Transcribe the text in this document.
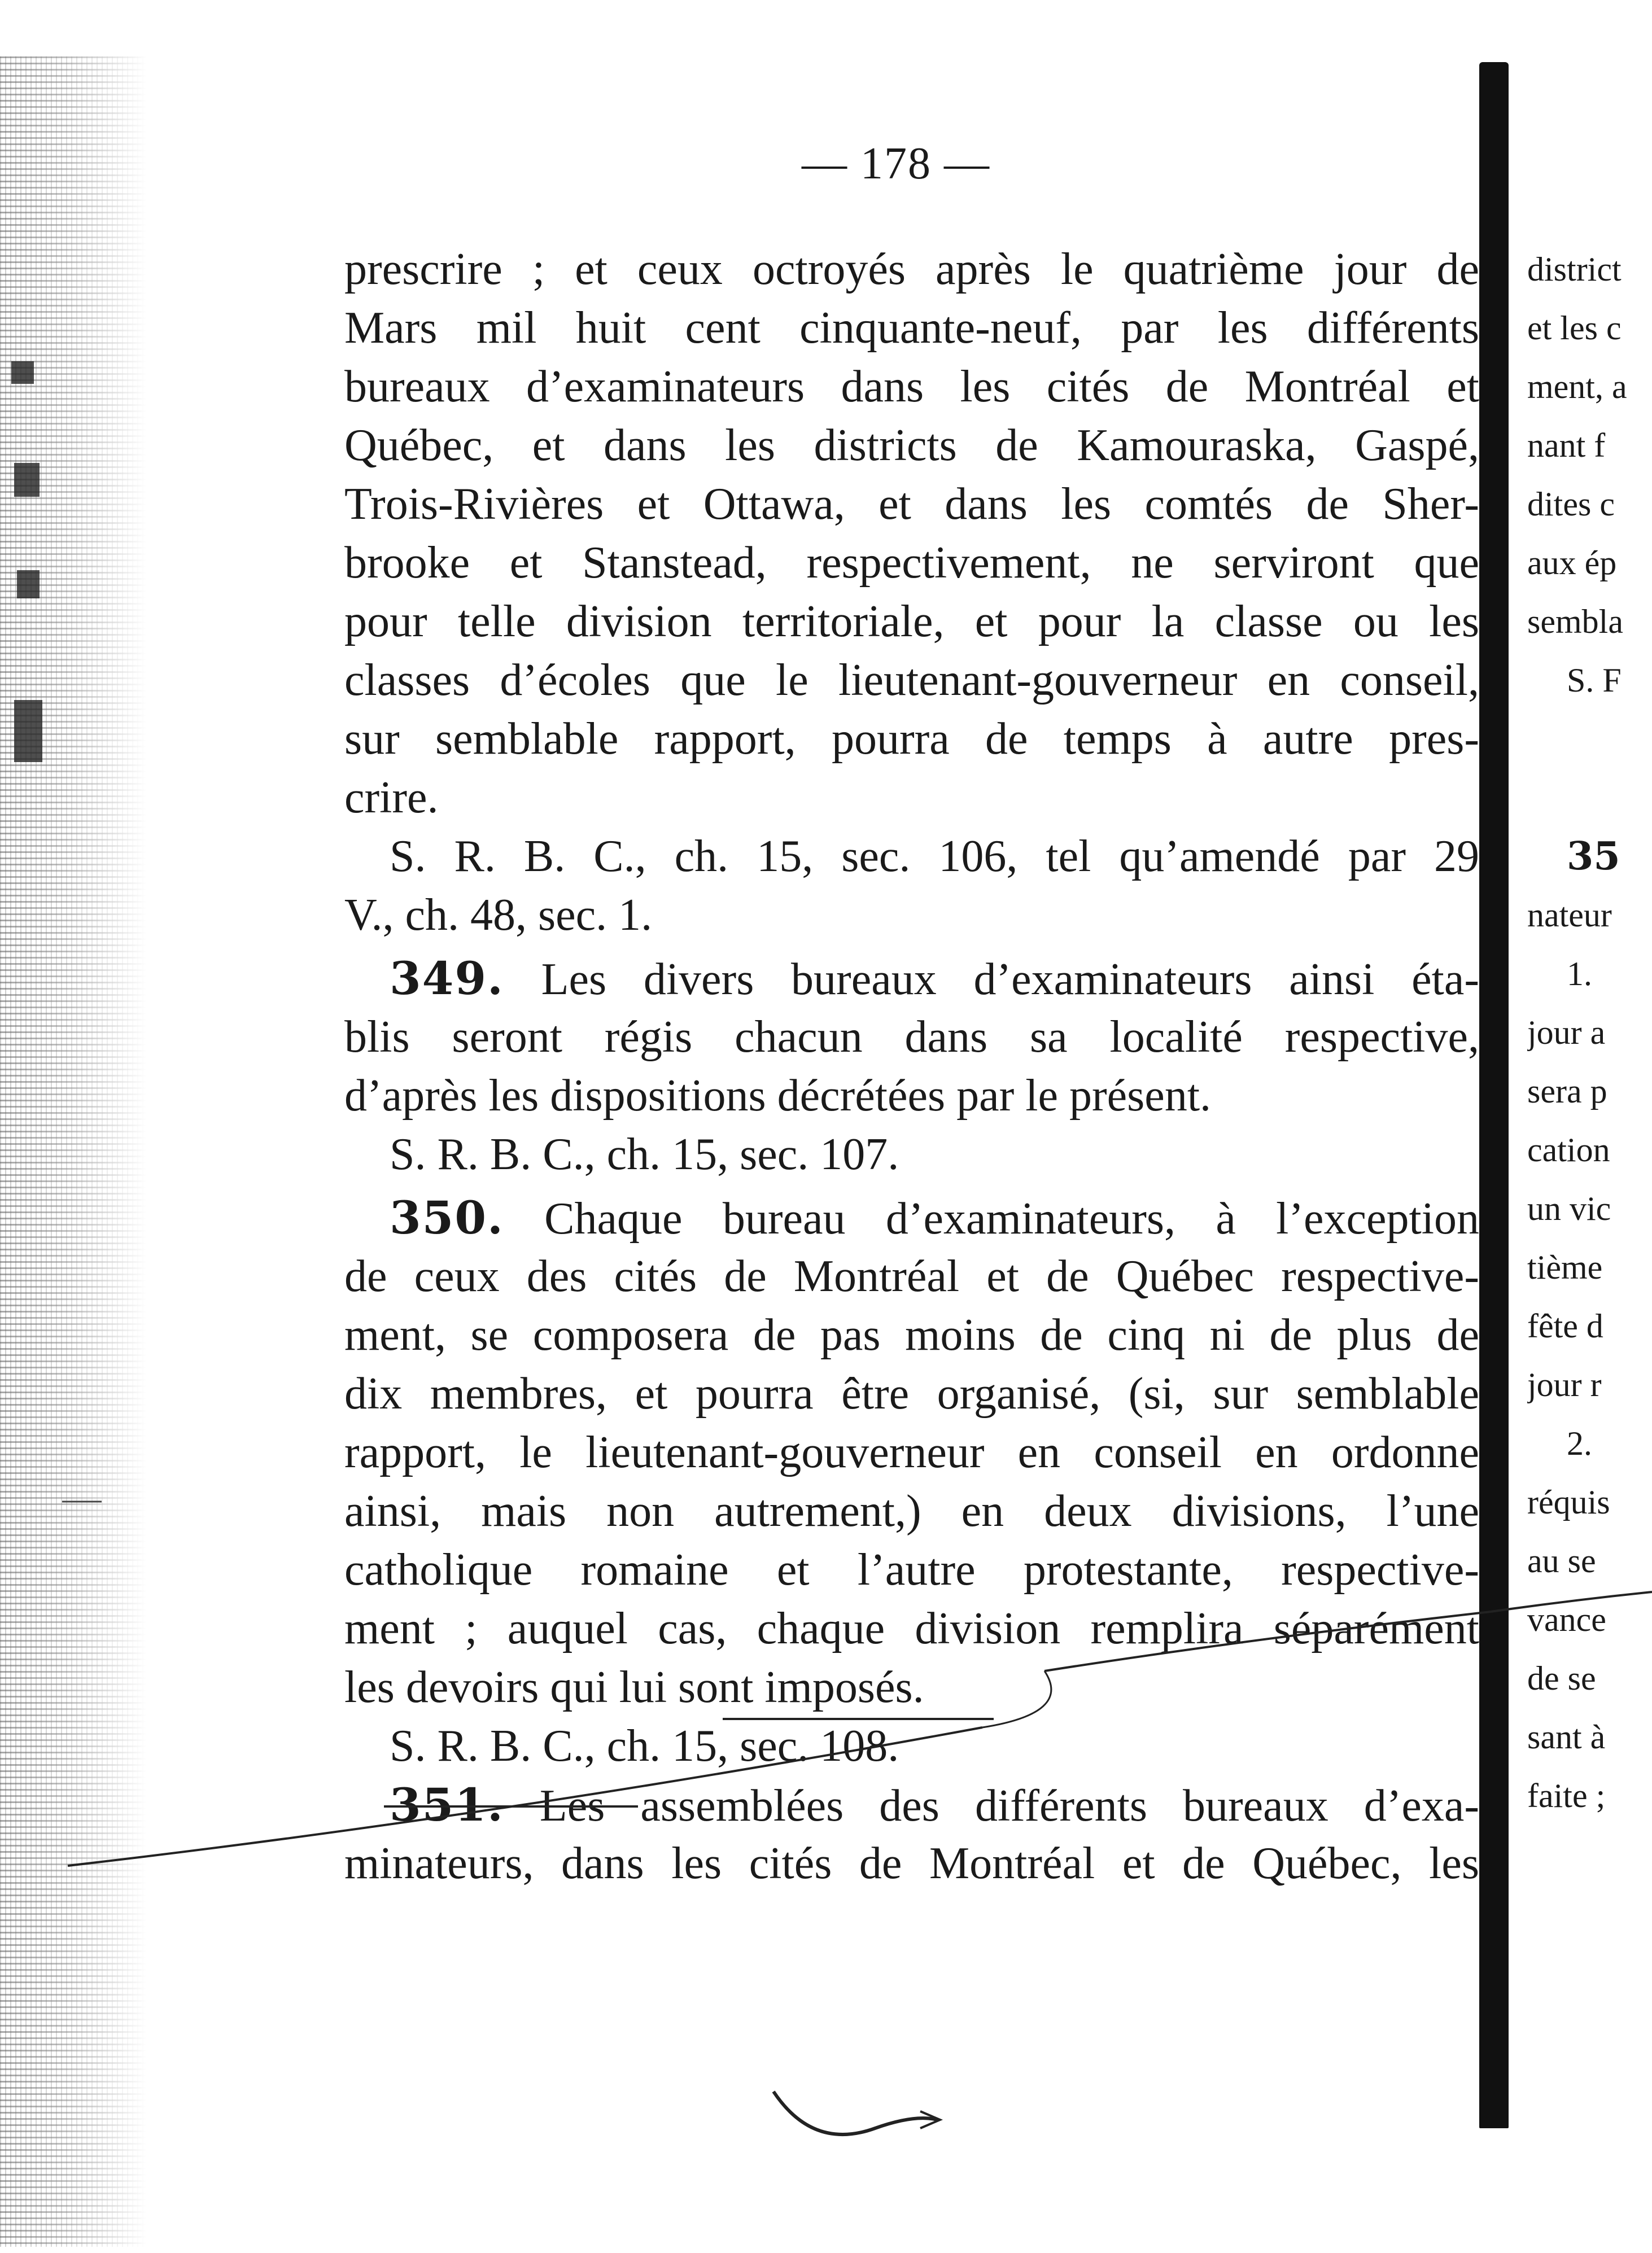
— 178 —
prescrire ; et ceux octroyés après le quatrième jour de
Mars mil huit cent cinquante-neuf, par les différents
bureaux d’examinateurs dans les cités de Montréal et
Québec, et dans les districts de Kamouraska, Gaspé,
Trois-Rivières et Ottawa, et dans les comtés de Sher-
brooke et Stanstead, respectivement, ne serviront que
pour telle division territoriale, et pour la classe ou les
classes d’écoles que le lieutenant-gouverneur en conseil,
sur semblable rapport, pourra de temps à autre pres-
crire.
S. R. B. C., ch. 15, sec. 106, tel qu’amendé par 29
V., ch. 48, sec. 1.
349. Les divers bureaux d’examinateurs ainsi éta-
blis seront régis chacun dans sa localité respective,
d’après les dispositions décrétées par le présent.
S. R. B. C., ch. 15, sec. 107.
350. Chaque bureau d’examinateurs, à l’exception
de ceux des cités de Montréal et de Québec respective-
ment, se composera de pas moins de cinq ni de plus de
dix membres, et pourra être organisé, (si, sur semblable
rapport, le lieutenant-gouverneur en conseil en ordonne
ainsi, mais non autrement,) en deux divisions, l’une
catholique romaine et l’autre protestante, respective-
ment ; auquel cas, chaque division remplira séparément
les devoirs qui lui sont imposés.
S. R. B. C., ch. 15, sec. 108.
351. Les assemblées des différents bureaux d’exa-
minateurs, dans les cités de Montréal et de Québec, les
district
et les c
ment, a
nant f
dites c
aux ép
sembla
S. F
35
nateur
1.
jour a
sera p
cation
un vic
tième
fête d
jour r
2.
réquis
au se
vance
de se
sant à
faite ;
